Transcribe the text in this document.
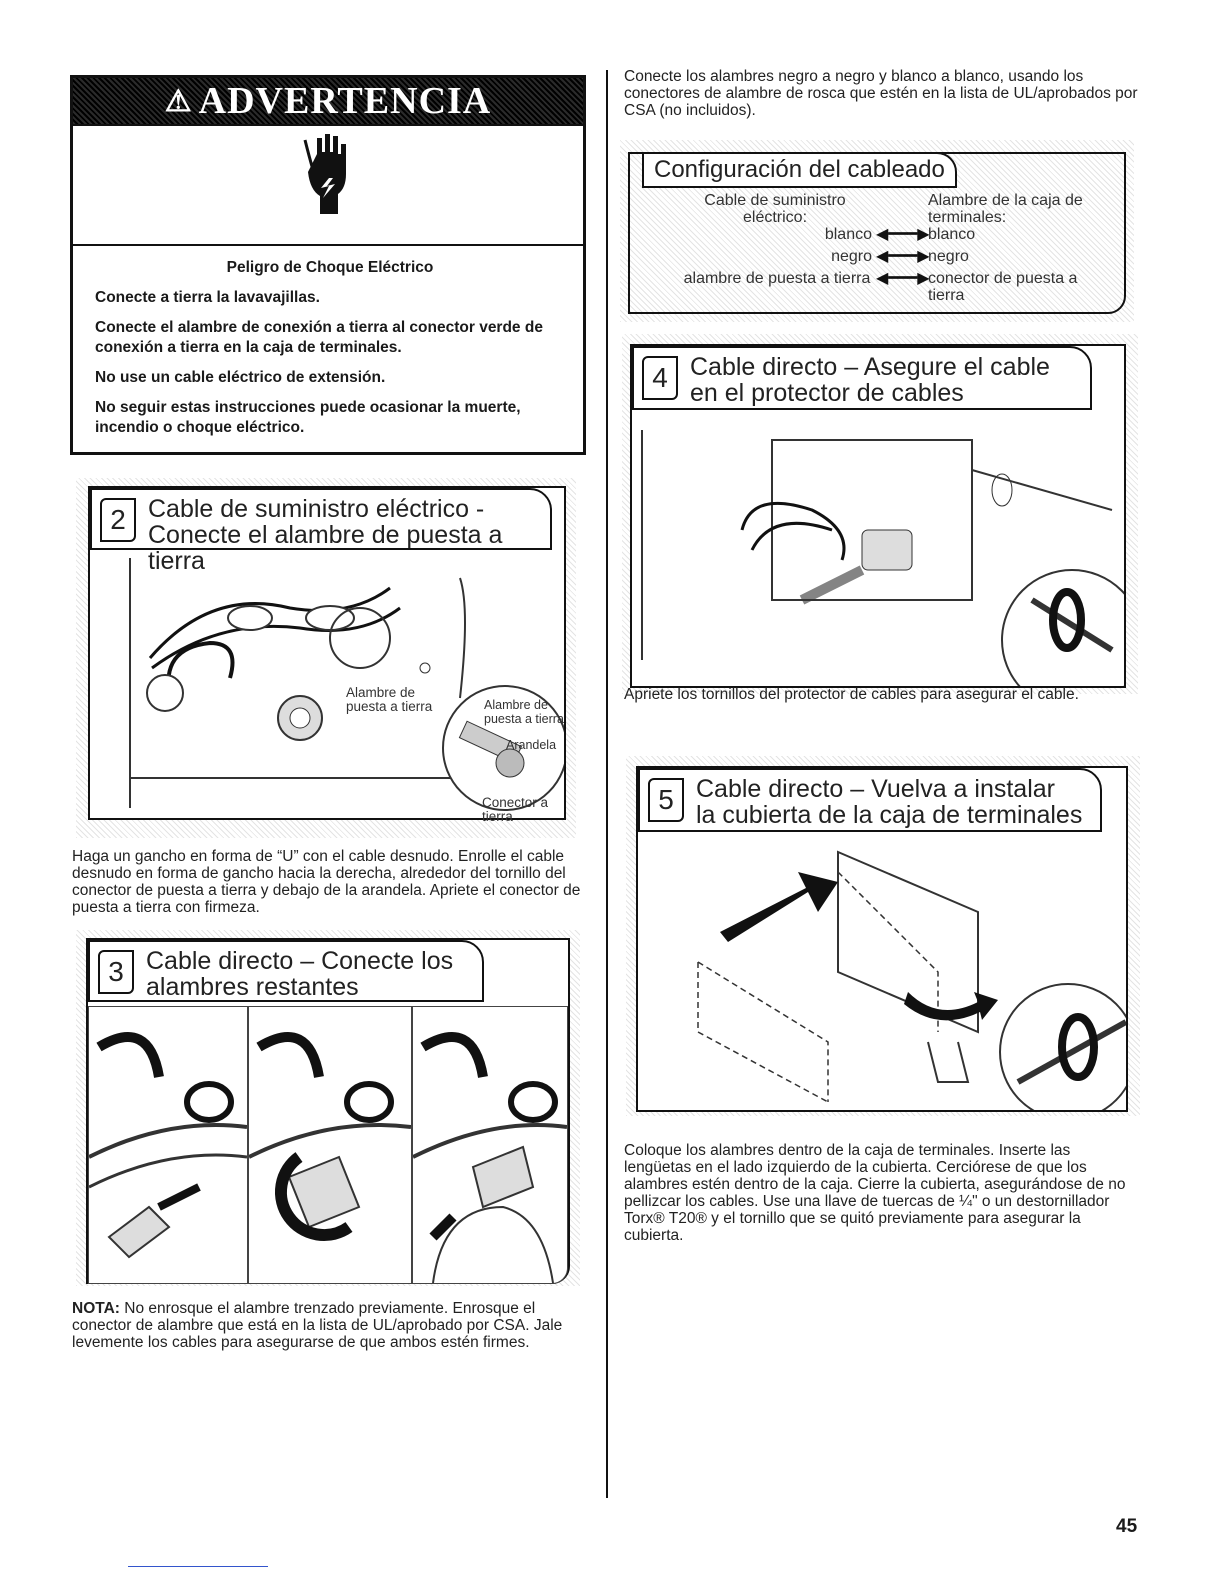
⚠ ADVERTENCIA

Peligro de Choque Eléctrico

Conecte a tierra la lavavajillas.

Conecte el alambre de conexión a tierra al conector verde de conexión a tierra en la caja de terminales.

No use un cable eléctrico de extensión.

No seguir estas instrucciones puede ocasionar la muerte, incendio o choque eléctrico.

2 Cable de suministro eléctrico -
Conecte el alambre de puesta a tierra
Alambre de puesta a tierra	Alambre de puesta a tierra
Arandela
Conector a tierra
Haga un gancho en forma de “U” con el cable desnudo. Enrolle el cable desnudo en forma de gancho hacia la derecha, alrededor del tornillo del conector de puesta a tierra y debajo de la arandela. Apriete el conector de puesta a tierra con firmeza.
3 Cable directo – Conecte los
alambres restantes
NOTA: No enrosque el alambre trenzado previamente. Enrosque el conector de alambre que está en la lista de UL/aprobado por CSA. Jale levemente los cables para asegurarse de que ambos estén firmes.
Conecte los alambres negro a negro y blanco a blanco, usando los conectores de alambre de rosca que estén en la lista de UL/aprobados por CSA (no incluidos).
Configuración del cableado
Cable de suministro eléctrico:
Alambre de la caja de terminales:
blanco ◀━━━▶
blanco
negro ◀━━━▶
negro
alambre de puesta a tierra ◀━━━▶
conector de puesta a tierra
4 Cable directo – Asegure el cable
en el protector de cables
Apriete los tornillos del protector de cables para asegurar el cable.
5 Cable directo – Vuelva a instalar
la cubierta de la caja de terminales
Coloque los alambres dentro de la caja de terminales. Inserte las lengüetas en el lado izquierdo de la cubierta. Cerciórese de que los alambres estén dentro de la caja. Cierre la cubierta, asegurándose de no pellizcar los cables. Use una llave de tuercas de ¼" o un destornillador Torx® T20® y el tornillo que se quitó previamente para asegurar la cubierta.
45
